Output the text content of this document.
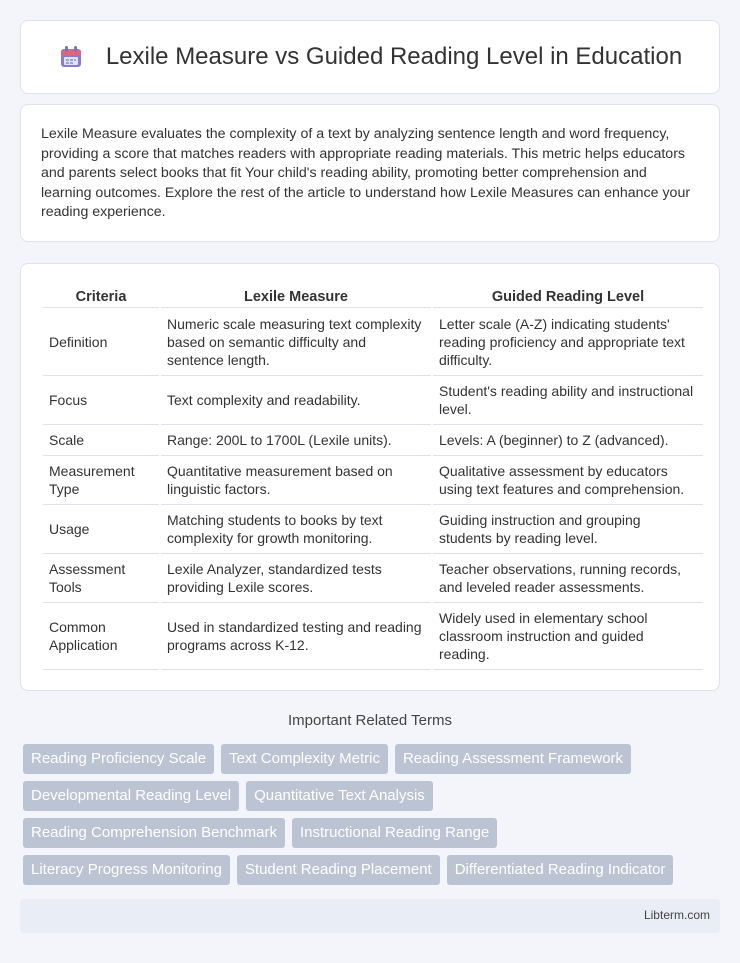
Lexile Measure vs Guided Reading Level in Education

Lexile Measure evaluates the complexity of a text by analyzing sentence length and word frequency, providing a score that matches readers with appropriate reading materials. This metric helps educators and parents select books that fit Your child's reading ability, promoting better comprehension and learning outcomes. Explore the rest of the article to understand how Lexile Measures can enhance your reading experience.

Criteria	Lexile Measure	Guided Reading Level
Definition	Numeric scale measuring text complexity based on semantic difficulty and sentence length.	Letter scale (A-Z) indicating students' reading proficiency and appropriate text difficulty.
Focus	Text complexity and readability.	Student's reading ability and instructional level.
Scale	Range: 200L to 1700L (Lexile units).	Levels: A (beginner) to Z (advanced).
Measurement Type	Quantitative measurement based on linguistic factors.	Qualitative assessment by educators using text features and comprehension.
Usage	Matching students to books by text complexity for growth monitoring.	Guiding instruction and grouping students by reading level.
Assessment Tools	Lexile Analyzer, standardized tests providing Lexile scores.	Teacher observations, running records, and leveled reader assessments.
Common Application	Used in standardized testing and reading programs across K-12.	Widely used in elementary school classroom instruction and guided reading.
Important Related Terms
Reading Proficiency Scale	Text Complexity Metric	Reading Assessment Framework
Developmental Reading Level	Quantitative Text Analysis
Reading Comprehension Benchmark	Instructional Reading Range
Literacy Progress Monitoring	Student Reading Placement	Differentiated Reading Indicator
Libterm.com
